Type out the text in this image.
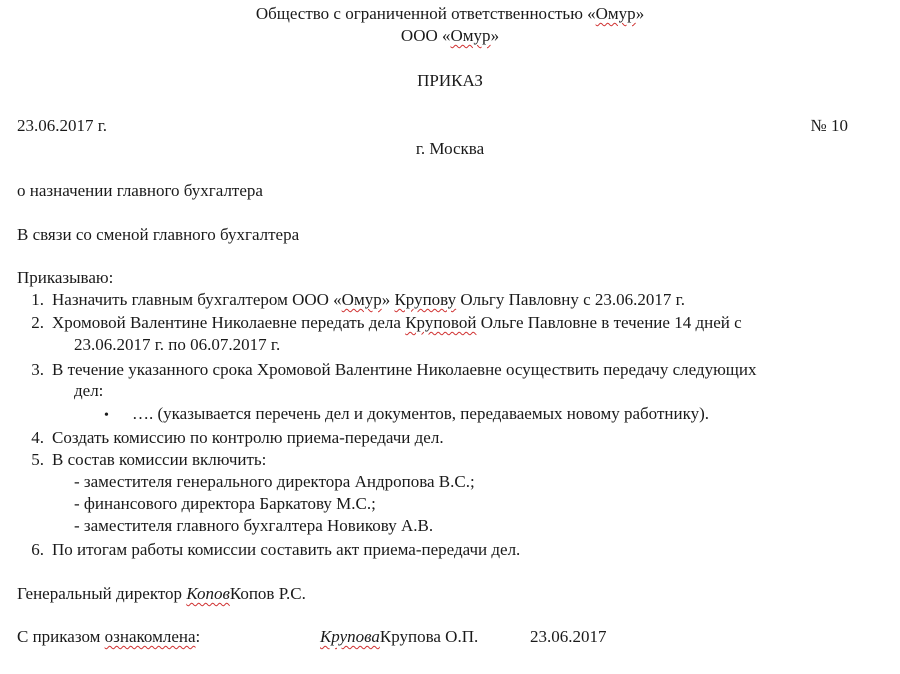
Общество с ограниченной ответственностью «Омур»
ООО «Омур»
ПРИКАЗ
23.06.2017 г.	№ 10
г. Москва
о назначении главного бухгалтера
В связи со сменой главного бухгалтера
Приказываю:
1. Назначить главным бухгалтером ООО «Омур» Крупову Ольгу Павловну с 23.06.2017 г.
2. Хромовой Валентине Николаевне передать дела Круповой Ольге Павловне в течение 14 дней с
23.06.2017 г. по 06.07.2017 г.
3. В течение указанного срока Хромовой Валентине Николаевне осуществить передачу следующих
дел:
• …. (указывается перечень дел и документов, передаваемых новому работнику).
4. Создать комиссию по контролю приема-передачи дел.
5. В состав комиссии включить:
- заместителя генерального директора Андропова В.С.;
- финансового директора Баркатову М.С.;
- заместителя главного бухгалтера Новикову А.В.
6. По итогам работы комиссии составить акт приема-передачи дел.
Генеральный директор КоповКопов Р.С.
С приказом ознакомлена:	КруповаКрупова О.П.	23.06.2017
